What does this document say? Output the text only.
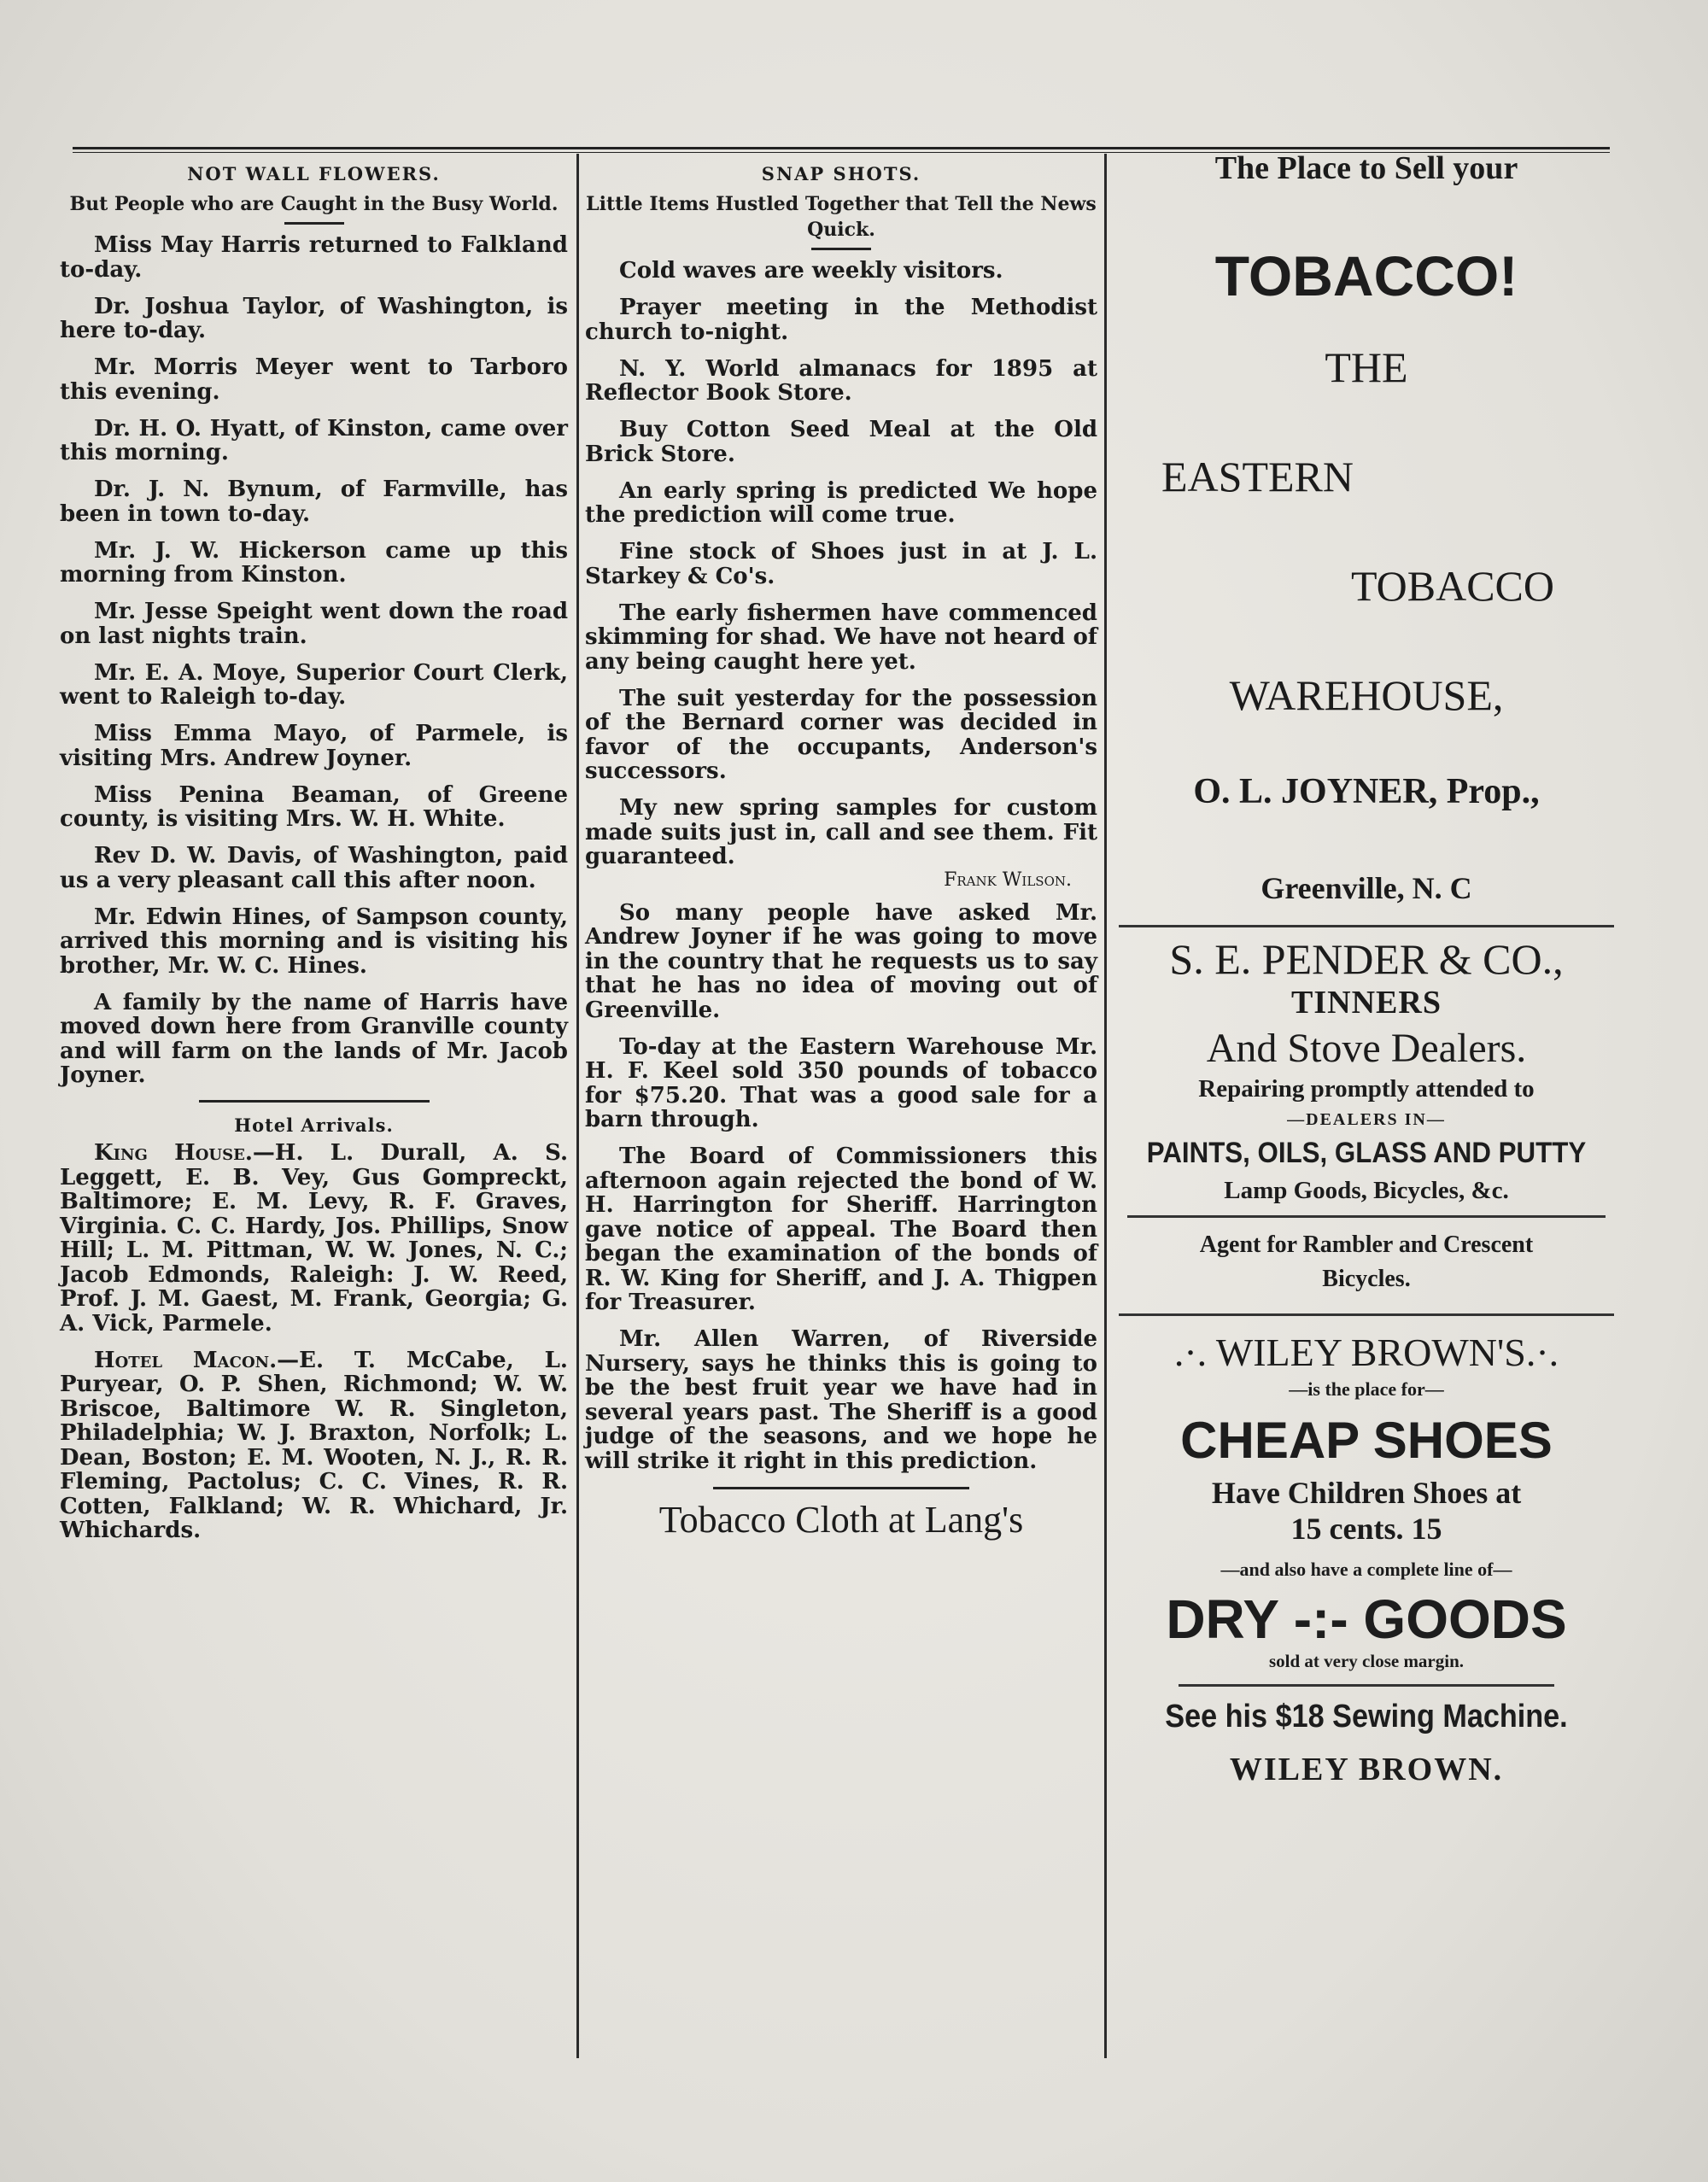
NOT WALL FLOWERS.
But People who are Caught in the Busy World.

Miss May Harris returned to Falkland to-day.

Dr. Joshua Taylor, of Washington, is here to-day.

Mr. Morris Meyer went to Tarboro this evening.

Dr. H. O. Hyatt, of Kinston, came over this morning.

Dr. J. N. Bynum, of Farmville, has been in town to-day.

Mr. J. W. Hickerson came up this morning from Kinston.

Mr. Jesse Speight went down the road on last nights train.

Mr. E. A. Moye, Superior Court Clerk, went to Raleigh to-day.

Miss Emma Mayo, of Parmele, is visiting Mrs. Andrew Joyner.

Miss Penina Beaman, of Greene county, is visiting Mrs. W. H. White.

Rev D. W. Davis, of Washington, paid us a very pleasant call this after noon.

Mr. Edwin Hines, of Sampson county, arrived this morning and is visiting his brother, Mr. W. C. Hines.

A family by the name of Harris have moved down here from Granville county and will farm on the lands of Mr. Jacob Joyner.

Hotel Arrivals.

King House.—H. L. Durall, A. S. Leggett, E. B. Vey, Gus Gompreckt, Baltimore; E. M. Levy, R. F. Graves, Virginia. C. C. Hardy, Jos. Phillips, Snow Hill; L. M. Pittman, W. W. Jones, N. C.; Jacob Edmonds, Raleigh: J. W. Reed, Prof. J. M. Gaest, M. Frank, Georgia; G. A. Vick, Parmele.

Hotel Macon.—E. T. McCabe, L. Puryear, O. P. Shen, Richmond; W. W. Briscoe, Baltimore W. R. Singleton, Philadelphia; W. J. Braxton, Norfolk; L. Dean, Boston; E. M. Wooten, N. J., R. R. Fleming, Pactolus; C. C. Vines, R. R. Cotten, Falkland; W. R. Whichard, Jr. Whichards.

SNAP SHOTS.
Little Items Hustled Together that Tell the News Quick.

Cold waves are weekly visitors.

Prayer meeting in the Methodist church to-night.

N. Y. World almanacs for 1895 at Reflector Book Store.

Buy Cotton Seed Meal at the Old Brick Store.

An early spring is predicted We hope the prediction will come true.

Fine stock of Shoes just in at J. L. Starkey & Co's.

The early fishermen have commenced skimming for shad. We have not heard of any being caught here yet.

The suit yesterday for the possession of the Bernard corner was decided in favor of the occupants, Anderson's successors.

My new spring samples for custom made suits just in, call and see them. Fit guaranteed.

Frank Wilson.

So many people have asked Mr. Andrew Joyner if he was going to move in the country that he requests us to say that he has no idea of moving out of Greenville.

To-day at the Eastern Warehouse Mr. H. F. Keel sold 350 pounds of tobacco for $75.20. That was a good sale for a barn through.

The Board of Commissioners this afternoon again rejected the bond of W. H. Harrington for Sheriff. Harrington gave notice of appeal. The Board then began the examination of the bonds of R. W. King for Sheriff, and J. A. Thigpen for Treasurer.

Mr. Allen Warren, of Riverside Nursery, says he thinks this is going to be the best fruit year we have had in several years past. The Sheriff is a good judge of the seasons, and we hope he will strike it right in this prediction.

Tobacco Cloth at Lang's
The Place to Sell your
TOBACCO!
THE
EASTERN
TOBACCO
WAREHOUSE,
O. L. JOYNER, Prop.,
Greenville, N. C
S. E. PENDER & CO.,
TINNERS
And Stove Dealers.
Repairing promptly attended to
—DEALERS IN—
PAINTS, OILS, GLASS AND PUTTY
Lamp Goods, Bicycles, &c.
Agent for Rambler and Crescent Bicycles.
.·. WILEY BROWN'S.·.
—is the place for—
CHEAP SHOES
Have Children Shoes at
15 cents. 15
—and also have a complete line of—
DRY -:- GOODS
sold at very close margin.
See his $18 Sewing Machine.
WILEY BROWN.
